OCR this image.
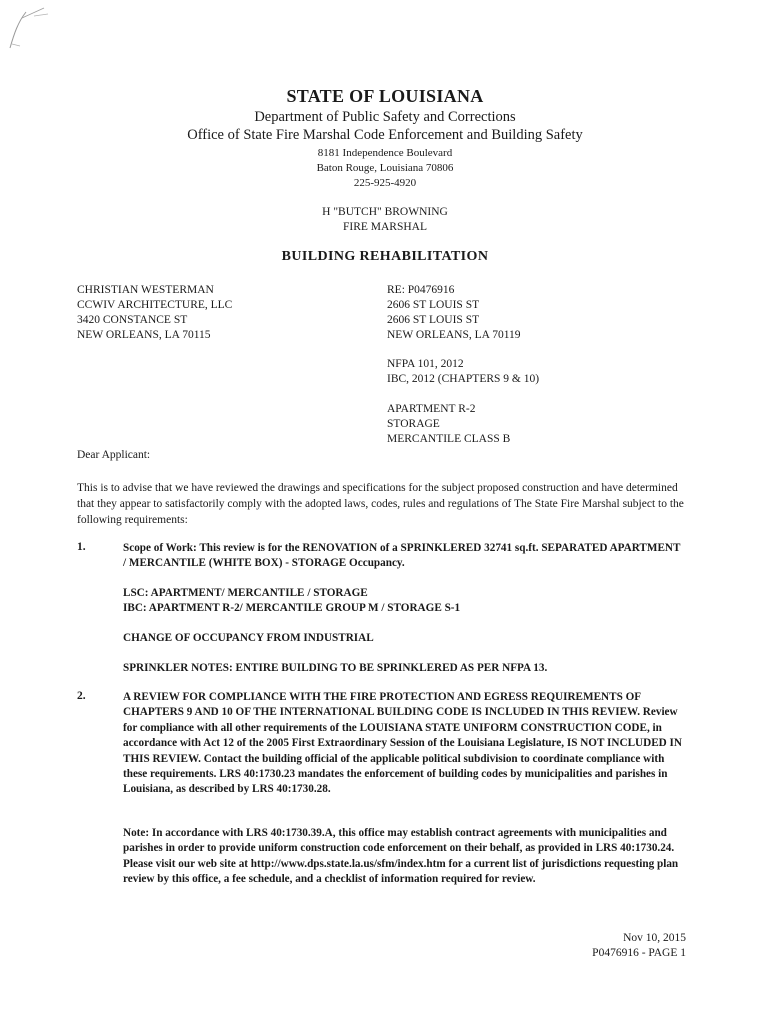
STATE OF LOUISIANA
Department of Public Safety and Corrections
Office of State Fire Marshal Code Enforcement and Building Safety
8181 Independence Boulevard
Baton Rouge, Louisiana 70806
225-925-4920
H "BUTCH" BROWNING
FIRE MARSHAL
BUILDING REHABILITATION
CHRISTIAN WESTERMAN
CCWIV ARCHITECTURE, LLC
3420 CONSTANCE ST
NEW ORLEANS, LA 70115
RE: P0476916
2606 ST LOUIS ST
2606 ST LOUIS ST
NEW ORLEANS, LA 70119
NFPA 101, 2012
IBC, 2012 (CHAPTERS 9 & 10)
APARTMENT R-2
STORAGE
MERCANTILE CLASS B
Dear Applicant:
This is to advise that we have reviewed the drawings and specifications for the subject proposed construction and have determined that they appear to satisfactorily comply with the adopted laws, codes, rules and regulations of The State Fire Marshal subject to the following requirements:
1.	Scope of Work: This review is for the RENOVATION of a SPRINKLERED 32741 sq.ft. SEPARATED APARTMENT / MERCANTILE (WHITE BOX) - STORAGE Occupancy.
LSC: APARTMENT/ MERCANTILE / STORAGE
IBC: APARTMENT R-2/ MERCANTILE GROUP M / STORAGE S-1
CHANGE OF OCCUPANCY FROM INDUSTRIAL
SPRINKLER NOTES: ENTIRE BUILDING TO BE SPRINKLERED AS PER NFPA 13.
2.	A REVIEW FOR COMPLIANCE WITH THE FIRE PROTECTION AND EGRESS REQUIREMENTS OF CHAPTERS 9 AND 10 OF THE INTERNATIONAL BUILDING CODE IS INCLUDED IN THIS REVIEW. Review for compliance with all other requirements of the LOUISIANA STATE UNIFORM CONSTRUCTION CODE, in accordance with Act 12 of the 2005 First Extraordinary Session of the Louisiana Legislature, IS NOT INCLUDED IN THIS REVIEW. Contact the building official of the applicable political subdivision to coordinate compliance with these requirements. LRS 40:1730.23 mandates the enforcement of building codes by municipalities and parishes in Louisiana, as described by LRS 40:1730.28.
Note: In accordance with LRS 40:1730.39.A, this office may establish contract agreements with municipalities and parishes in order to provide uniform construction code enforcement on their behalf, as provided in LRS 40:1730.24. Please visit our web site at http://www.dps.state.la.us/sfm/index.htm for a current list of jurisdictions requesting plan review by this office, a fee schedule, and a checklist of information required for review.
Nov 10, 2015
P0476916 - PAGE 1
